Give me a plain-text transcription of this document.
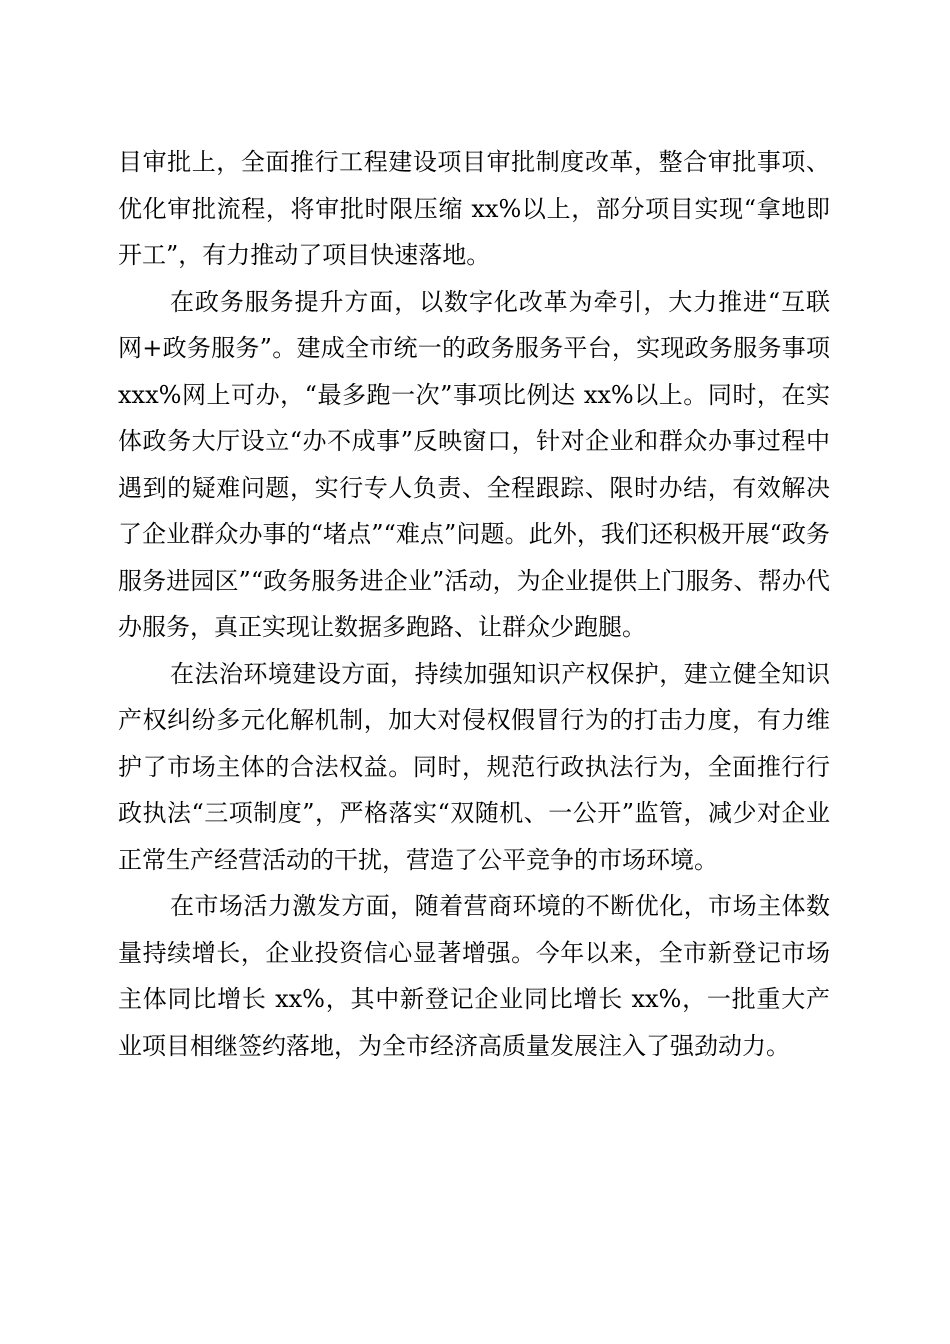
目审批上，全面推行工程建设项目审批制度改革，整合审批事项、优化审批流程，将审批时限压缩 xx%以上，部分项目实现“拿地即开工”，有力推动了项目快速落地。

在政务服务提升方面，以数字化改革为牵引，大力推进“互联网+政务服务”。建成全市统一的政务服务平台，实现政务服务事项 xxx%网上可办，“最多跑一次”事项比例达 xx%以上。同时，在实体政务大厅设立“办不成事”反映窗口，针对企业和群众办事过程中遇到的疑难问题，实行专人负责、全程跟踪、限时办结，有效解决了企业群众办事的“堵点”“难点”问题。此外，我们还积极开展“政务服务进园区”“政务服务进企业”活动，为企业提供上门服务、帮办代办服务，真正实现让数据多跑路、让群众少跑腿。

在法治环境建设方面，持续加强知识产权保护，建立健全知识产权纠纷多元化解机制，加大对侵权假冒行为的打击力度，有力维护了市场主体的合法权益。同时，规范行政执法行为，全面推行行政执法“三项制度”，严格落实“双随机、一公开”监管，减少对企业正常生产经营活动的干扰，营造了公平竞争的市场环境。

在市场活力激发方面，随着营商环境的不断优化，市场主体数量持续增长，企业投资信心显著增强。今年以来，全市新登记市场主体同比增长 xx%，其中新登记企业同比增长 xx%，一批重大产业项目相继签约落地，为全市经济高质量发展注入了强劲动力。
